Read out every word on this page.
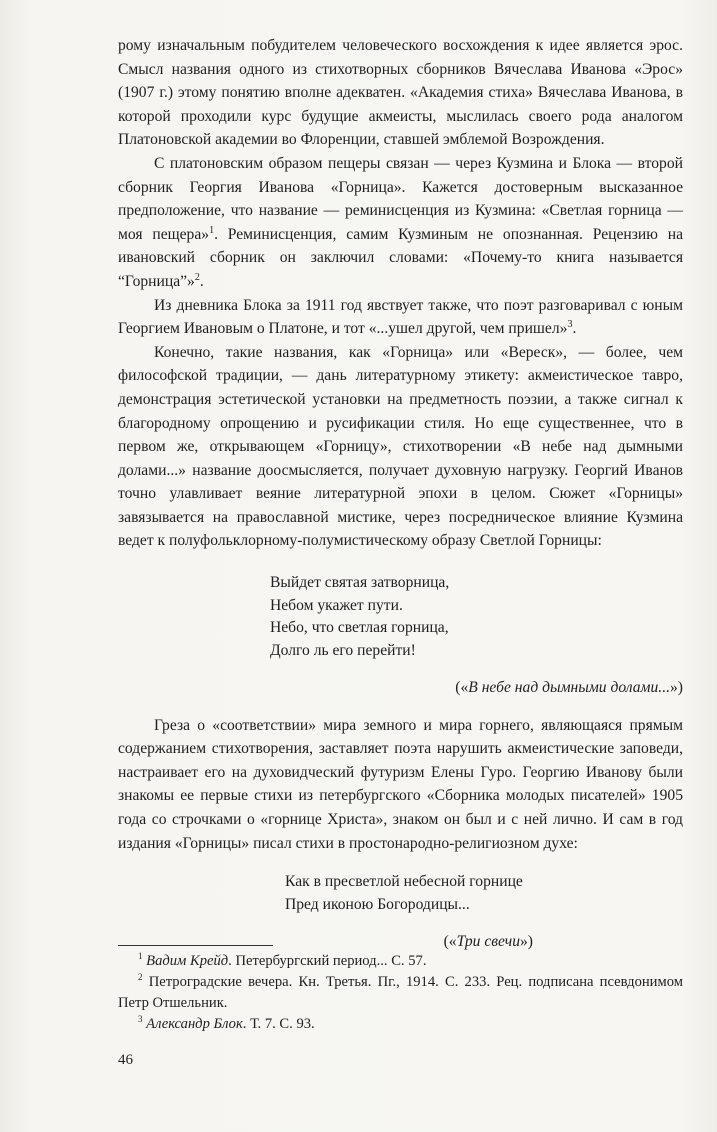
рому изначальным побудителем человеческого восхождения к идее является эрос. Смысл названия одного из стихотворных сборников Вячеслава Иванова «Эрос» (1907 г.) этому понятию вполне адекватен. «Академия стиха» Вячеслава Иванова, в которой проходили курс будущие акмеисты, мыслилась своего рода аналогом Платоновской академии во Флоренции, ставшей эмблемой Возрождения.

С платоновским образом пещеры связан — через Кузмина и Блока — второй сборник Георгия Иванова «Горница». Кажется достоверным высказанное предположение, что название — реминисценция из Кузмина: «Светлая горница — моя пещера»$^1$. Реминисценция, самим Кузминым не опознанная. Рецензию на ивановский сборник он заключил словами: «Почему-то книга называется “Горница”»$^2$.

Из дневника Блока за 1911 год явствует также, что поэт разговаривал с юным Георгием Ивановым о Платоне, и тот «...ушел другой, чем пришел»$^3$.

Конечно, такие названия, как «Горница» или «Вереск», — более, чем философской традиции, — дань литературному этикету: акмеистическое тавро, демонстрация эстетической установки на предметность поэзии, а также сигнал к благородному опрощению и русификации стиля. Но еще существеннее, что в первом же, открывающем «Горницу», стихотворении «В небе над дымными долами...» название доосмысляется, получает духовную нагрузку. Георгий Иванов точно улавливает веяние литературной эпохи в целом. Сюжет «Горницы» завязывается на православной мистике, через посредническое влияние Кузмина ведет к полуфольклорному-полумистическому образу Светлой Горницы:

Выйдет святая затворница,
Небом укажет пути.
Небо, что светлая горница,
Долго ль его перейти!
(«В небе над дымными долами...»)

Греза о «соответствии» мира земного и мира горнего, являющаяся прямым содержанием стихотворения, заставляет поэта нарушить акмеистические заповеди, настраивает его на духовидческий футуризм Елены Гуро. Георгию Иванову были знакомы ее первые стихи из петербургского «Сборника молодых писателей» 1905 года со строчками о «горнице Христа», знаком он был и с ней лично. И сам в год издания «Горницы» писал стихи в простонародно-религиозном духе:

Как в пресветлой небесной горнице
Пред иконою Богородицы...
(«Три свечи»)

$^1$ Вадим Крейд. Петербургский период... С. 57.

$^2$ Петроградские вечера. Кн. Третья. Пг., 1914. С. 233. Рец. подписана псевдонимом Петр Отшельник.

$^3$ Александр Блок. Т. 7. С. 93.

46
